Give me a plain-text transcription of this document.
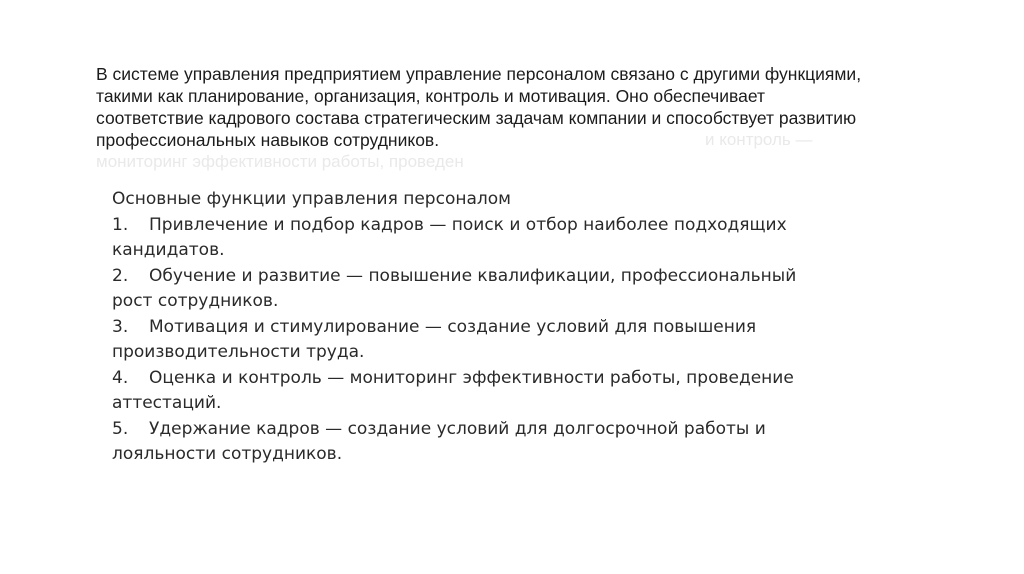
и контроль —
мониторинг эффективности работы, проведен
В системе управления предприятием управление персоналом связано с другими функциями, такими как планирование, организация, контроль и мотивация. Оно обеспечивает соответствие кадрового состава стратегическим задачам компании и способствует развитию профессиональных навыков сотрудников.
Основные функции управления персоналом
1. Привлечение и подбор кадров — поиск и отбор наиболее подходящих кандидатов.
2. Обучение и развитие — повышение квалификации, профессиональный рост сотрудников.
3. Мотивация и стимулирование — создание условий для повышения производительности труда.
4. Оценка и контроль — мониторинг эффективности работы, проведение аттестаций.
5. Удержание кадров — создание условий для долгосрочной работы и лояльности сотрудников.
